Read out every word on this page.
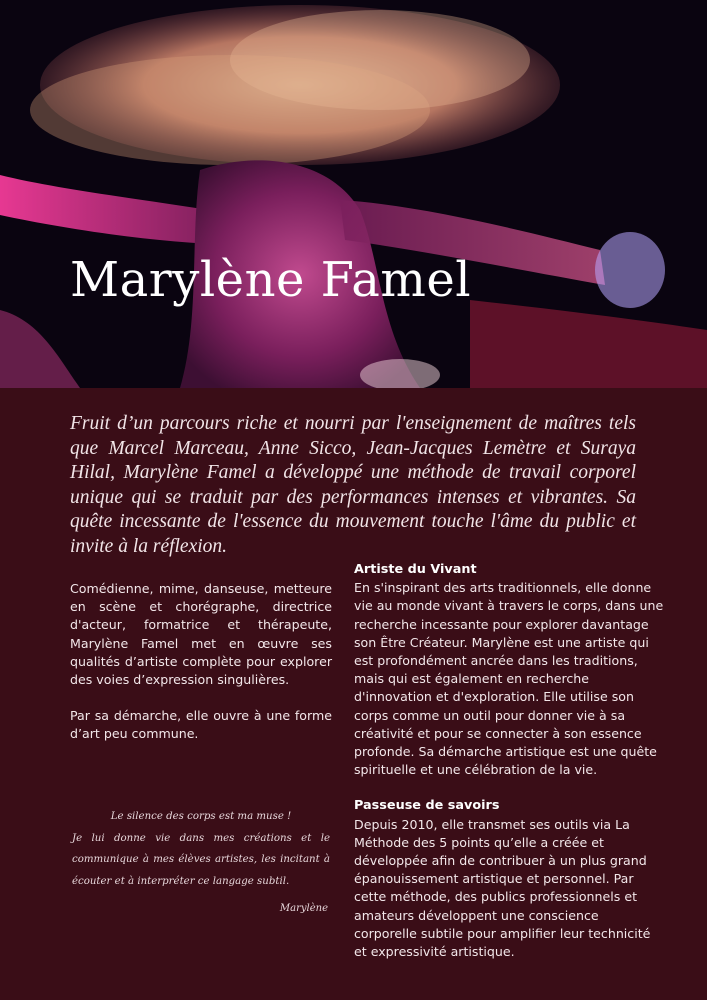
Marylène Famel

Fruit d’un parcours riche et nourri par l'enseignement de maîtres tels que Marcel Marceau, Anne Sicco, Jean-Jacques Lemètre et Suraya Hilal, Marylène Famel a développé une méthode de travail corporel unique qui se traduit par des performances intenses et vibrantes. Sa quête incessante de l'essence du mouvement touche l'âme du public et invite à la réflexion.

Comédienne, mime, danseuse, metteure en scène et chorégraphe, directrice d'acteur, formatrice et thérapeute, Marylène Famel met en œuvre ses qualités d’artiste complète pour explorer des voies d’expression singulières.

Par sa démarche, elle ouvre à une forme d’art peu commune.

Le silence des corps est ma muse !
Je lui donne vie dans mes créations et le communique à mes élèves artistes, les incitant à écouter et à interpréter ce langage subtil.
Marylène
Artiste du Vivant

En s'inspirant des arts traditionnels, elle donne vie au monde vivant à travers le corps, dans une recherche incessante pour explorer davantage son Être Créateur. Marylène est une artiste qui est profondément ancrée dans les traditions, mais qui est également en recherche d'innovation et d'exploration. Elle utilise son corps comme un outil pour donner vie à sa créativité et pour se connecter à son essence profonde. Sa démarche artistique est une quête spirituelle et une célébration de la vie.

Passeuse de savoirs

Depuis 2010, elle transmet ses outils via La Méthode des 5 points qu’elle a créée et développée afin de contribuer à un plus grand épanouissement artistique et personnel. Par cette méthode, des publics professionnels et amateurs développent une conscience corporelle subtile pour amplifier leur technicité et expressivité artistique.
